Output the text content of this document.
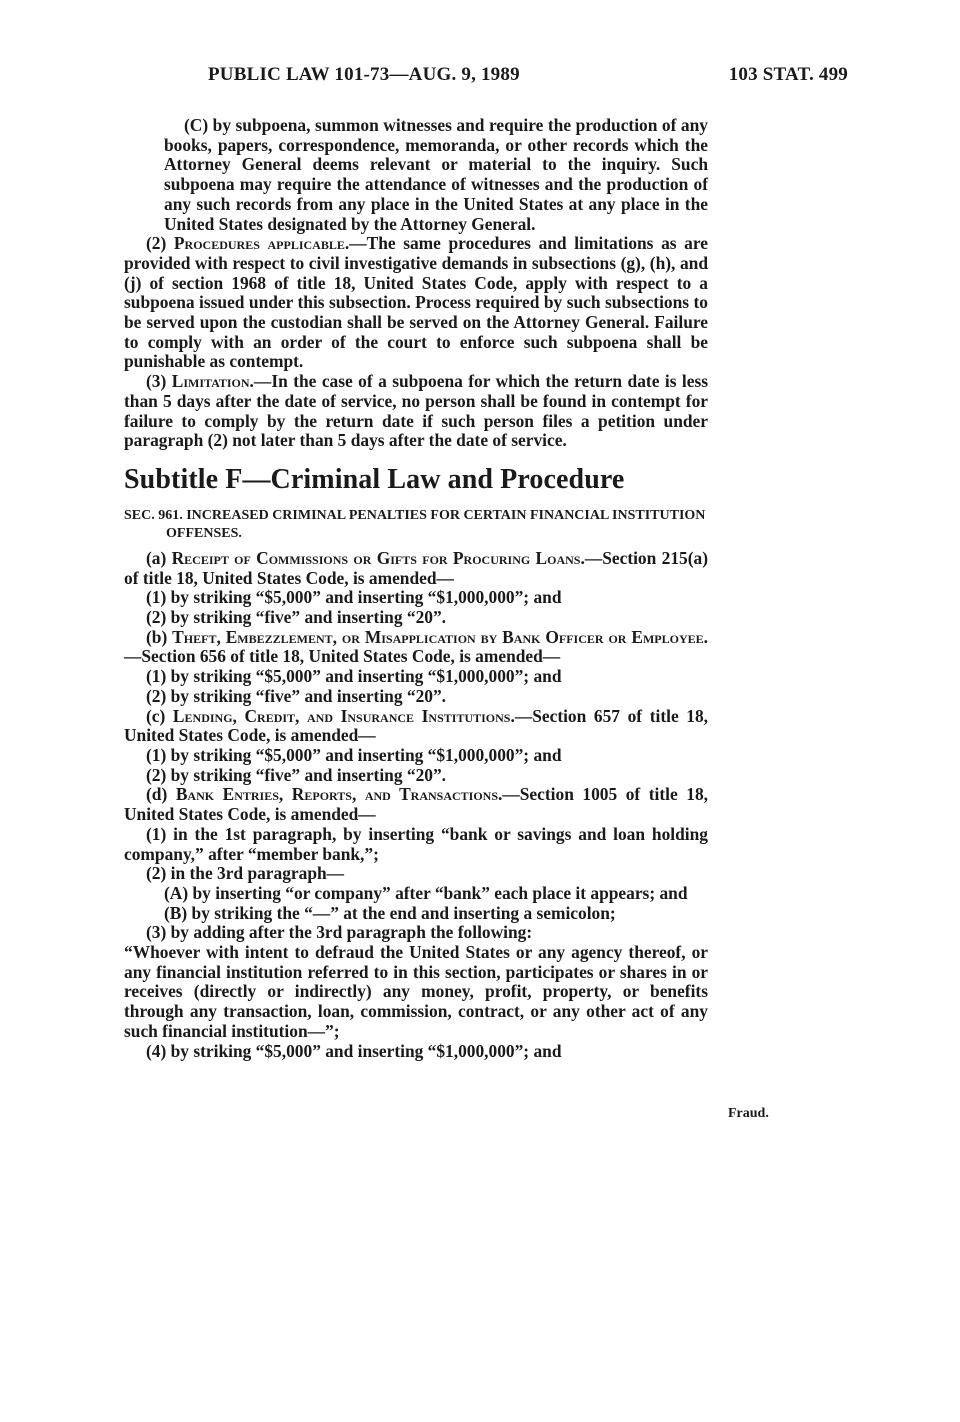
PUBLIC LAW 101-73—AUG. 9, 1989	103 STAT. 499

(C) by subpoena, summon witnesses and require the production of any books, papers, correspondence, memoranda, or other records which the Attorney General deems relevant or material to the inquiry. Such subpoena may require the attendance of witnesses and the production of any such records from any place in the United States at any place in the United States designated by the Attorney General.

(2) Procedures applicable.—The same procedures and limitations as are provided with respect to civil investigative demands in subsections (g), (h), and (j) of section 1968 of title 18, United States Code, apply with respect to a subpoena issued under this subsection. Process required by such subsections to be served upon the custodian shall be served on the Attorney General. Failure to comply with an order of the court to enforce such subpoena shall be punishable as contempt.

(3) Limitation.—In the case of a subpoena for which the return date is less than 5 days after the date of service, no person shall be found in contempt for failure to comply by the return date if such person files a petition under paragraph (2) not later than 5 days after the date of service.

Subtitle F—Criminal Law and Procedure
SEC. 961. INCREASED CRIMINAL PENALTIES FOR CERTAIN FINANCIAL INSTITUTION OFFENSES.

(a) Receipt of Commissions or Gifts for Procuring Loans.—Section 215(a) of title 18, United States Code, is amended—

(1) by striking “$5,000” and inserting “$1,000,000”; and

(2) by striking “five” and inserting “20”.

(b) Theft, Embezzlement, or Misapplication by Bank Officer or Employee.—Section 656 of title 18, United States Code, is amended—

(1) by striking “$5,000” and inserting “$1,000,000”; and

(2) by striking “five” and inserting “20”.

(c) Lending, Credit, and Insurance Institutions.—Section 657 of title 18, United States Code, is amended—

(1) by striking “$5,000” and inserting “$1,000,000”; and

(2) by striking “five” and inserting “20”.

(d) Bank Entries, Reports, and Transactions.—Section 1005 of title 18, United States Code, is amended—

(1) in the 1st paragraph, by inserting “bank or savings and loan holding company,” after “member bank,”;

(2) in the 3rd paragraph—

(A) by inserting “or company” after “bank” each place it appears; and

(B) by striking the “—” at the end and inserting a semicolon;

(3) by adding after the 3rd paragraph the following:

“Whoever with intent to defraud the United States or any agency thereof, or any financial institution referred to in this section, participates or shares in or receives (directly or indirectly) any money, profit, property, or benefits through any transaction, loan, commission, contract, or any other act of any such financial institution—”;

(4) by striking “$5,000” and inserting “$1,000,000”; and

Fraud.
